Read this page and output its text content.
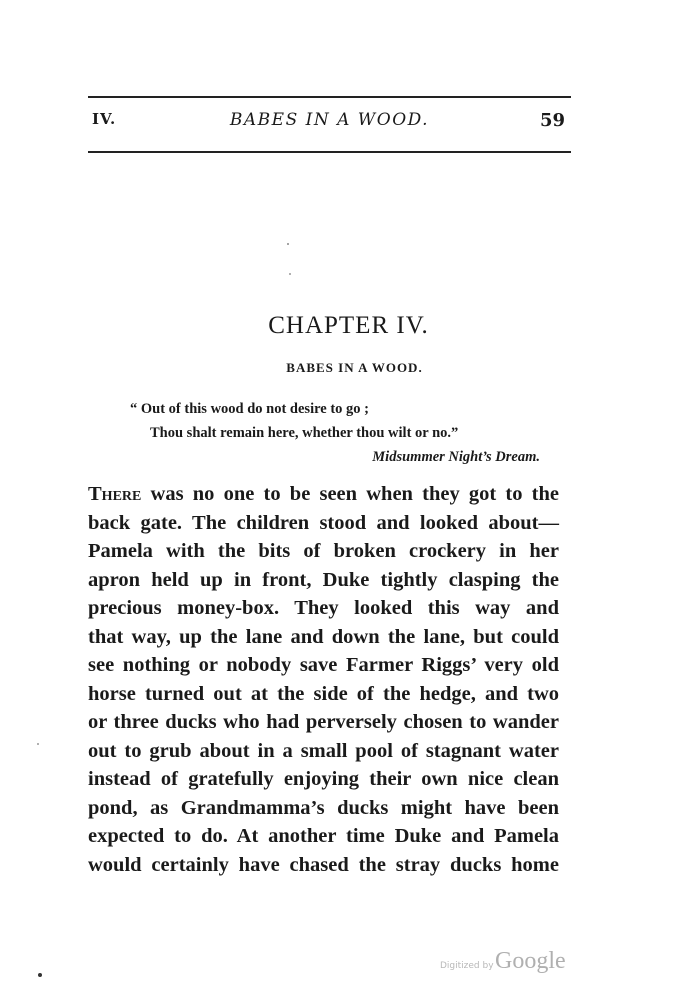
IV.	BABES IN A WOOD.	59
CHAPTER IV.
BABES IN A WOOD.
“ Out of this wood do not desire to go ;
Thou shalt remain here, whether thou wilt or no.”
Midsummer Night’s Dream.
There was no one to be seen when they got to the
back gate. The children stood and looked about—
Pamela with the bits of broken crockery in her
apron held up in front, Duke tightly clasping the
precious money-box. They looked this way and
that way, up the lane and down the lane, but could
see nothing or nobody save Farmer Riggs’ very old
horse turned out at the side of the hedge, and two
or three ducks who had perversely chosen to wander
out to grub about in a small pool of stagnant water
instead of gratefully enjoying their own nice clean
pond, as Grandmamma’s ducks might have been
expected to do. At another time Duke and Pamela
would certainly have chased the stray ducks home
Digitized by Google
